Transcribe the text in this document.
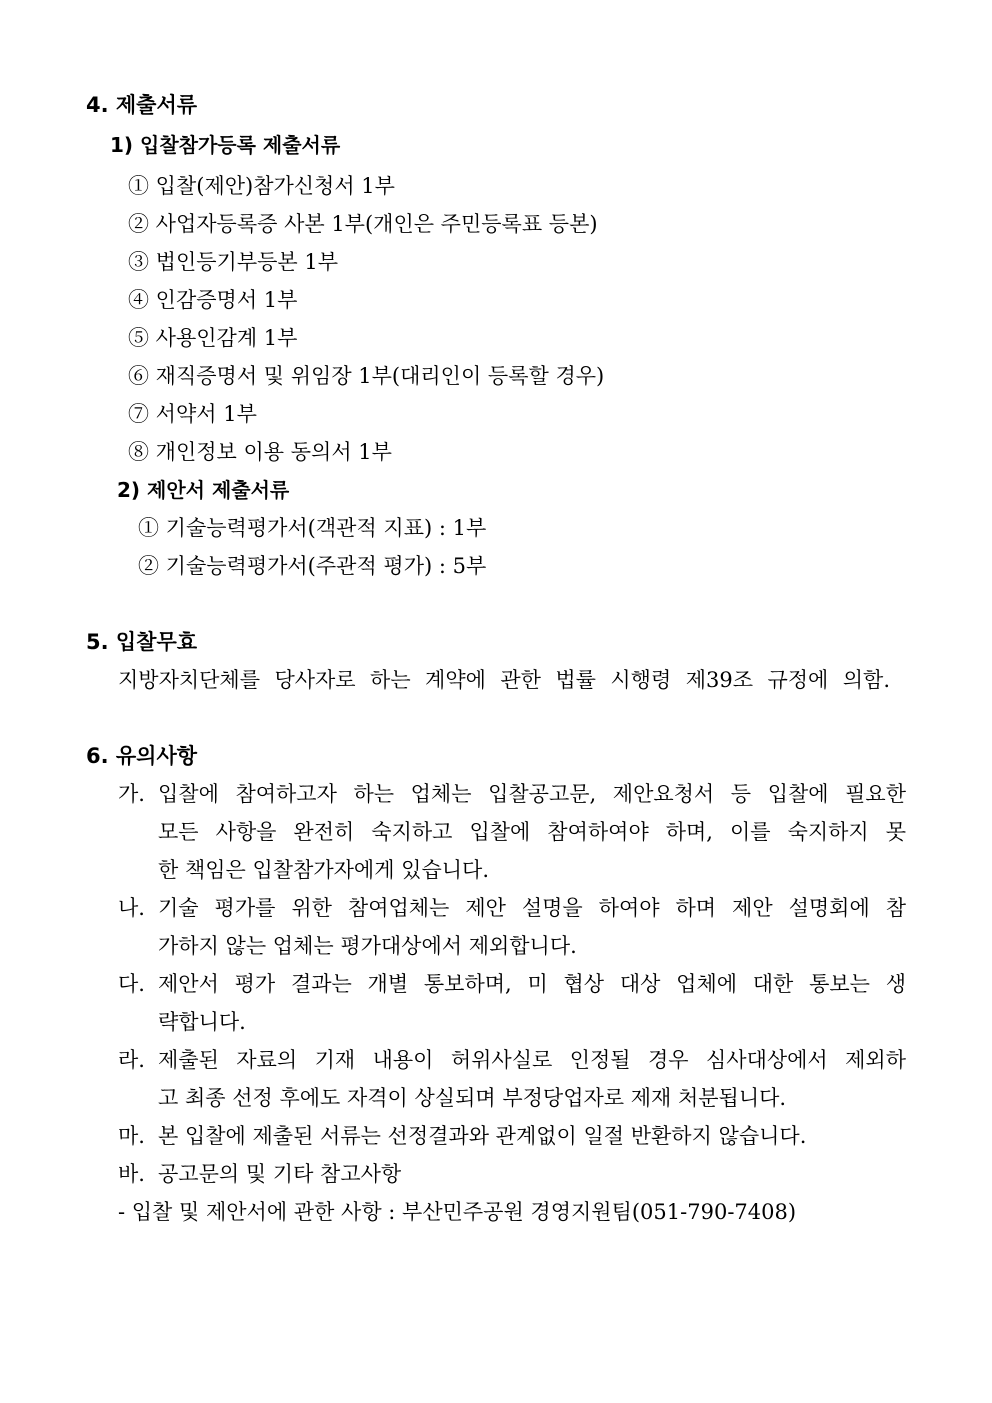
4. 제출서류
1) 입찰참가등록 제출서류
① 입찰(제안)참가신청서 1부
② 사업자등록증 사본 1부(개인은 주민등록표 등본)
③ 법인등기부등본 1부
④ 인감증명서 1부
⑤ 사용인감계 1부
⑥ 재직증명서 및 위임장 1부(대리인이 등록할 경우)
⑦ 서약서 1부
⑧ 개인정보 이용 동의서 1부
2) 제안서 제출서류
① 기술능력평가서(객관적 지표) : 1부
② 기술능력평가서(주관적 평가) : 5부
5. 입찰무효
지방자치단체를 당사자로 하는 계약에 관한 법률 시행령 제39조 규정에 의함.
6. 유의사항
가. 입찰에 참여하고자 하는 업체는 입찰공고문, 제안요청서 등 입찰에 필요한
모든 사항을 완전히 숙지하고 입찰에 참여하여야 하며, 이를 숙지하지 못
한 책임은 입찰참가자에게 있습니다.
나. 기술 평가를 위한 참여업체는 제안 설명을 하여야 하며 제안 설명회에 참
가하지 않는 업체는 평가대상에서 제외합니다.
다. 제안서 평가 결과는 개별 통보하며, 미 협상 대상 업체에 대한 통보는 생
략합니다.
라. 제출된 자료의 기재 내용이 허위사실로 인정될 경우 심사대상에서 제외하
고 최종 선정 후에도 자격이 상실되며 부정당업자로 제재 처분됩니다.
마. 본 입찰에 제출된 서류는 선정결과와 관계없이 일절 반환하지 않습니다.
바. 공고문의 및 기타 참고사항
- 입찰 및 제안서에 관한 사항 : 부산민주공원 경영지원팀(051-790-7408)
